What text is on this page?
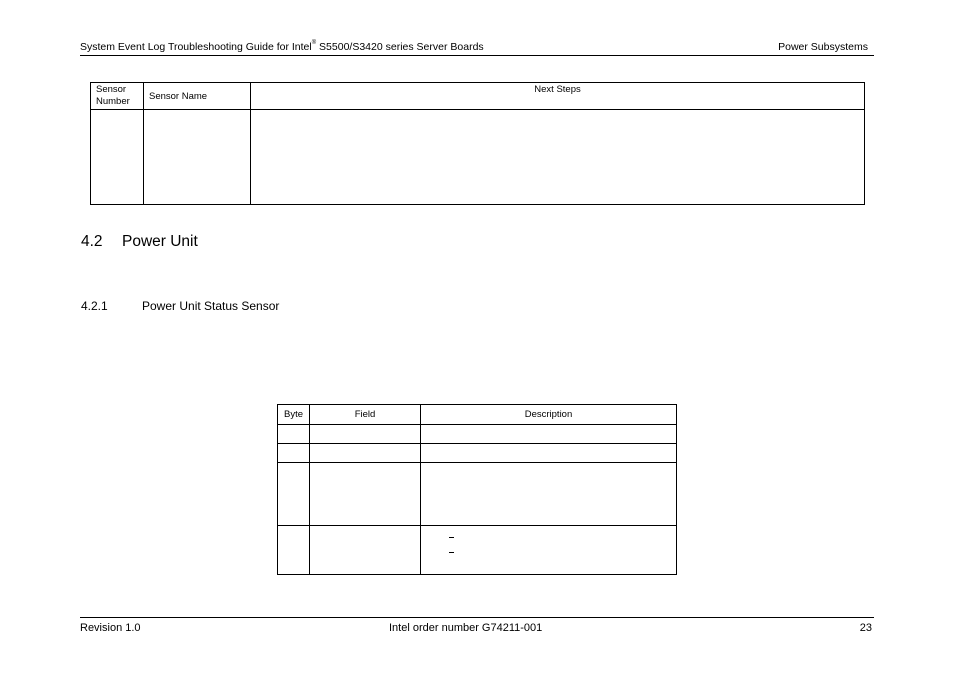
System Event Log Troubleshooting Guide for Intel® S5500/S3420 series Server Boards	Power Subsystems
Sensor Number	Sensor Name	Next Steps

4.2 Power Unit
4.2.1	Power Unit Status Sensor
Byte	Field	Description

Revision 1.0	Intel order number G74211-001	23
